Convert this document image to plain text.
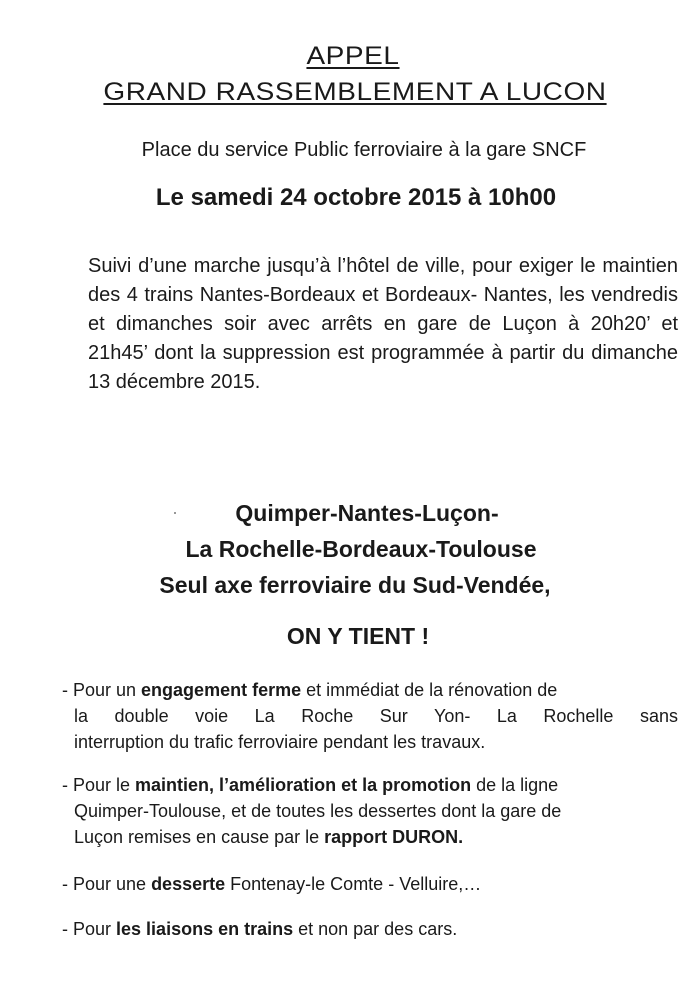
APPEL
GRAND RASSEMBLEMENT A LUCON
Place du service Public ferroviaire à la gare SNCF
Le samedi 24 octobre 2015 à 10h00
Suivi d’une marche jusqu’à l’hôtel de ville, pour exiger le maintien des 4 trains Nantes-Bordeaux et Bordeaux- Nantes, les vendredis et dimanches soir avec arrêts en gare de Luçon à 20h20’ et 21h45’ dont la suppression est programmée à partir du dimanche 13 décembre 2015.
Quimper-Nantes-Luçon-
La Rochelle-Bordeaux-Toulouse
Seul axe ferroviaire du Sud-Vendée,
ON Y TIENT !
- Pour un engagement ferme et immédiat de la rénovation de
la double voie La Roche Sur Yon- La Rochelle sans
interruption du trafic ferroviaire pendant les travaux.
- Pour le maintien, l’amélioration et la promotion de la ligne
Quimper-Toulouse, et de toutes les dessertes dont la gare de
Luçon remises en cause par le rapport DURON.
- Pour une desserte Fontenay-le Comte - Velluire,…
- Pour les liaisons en trains et non par des cars.
